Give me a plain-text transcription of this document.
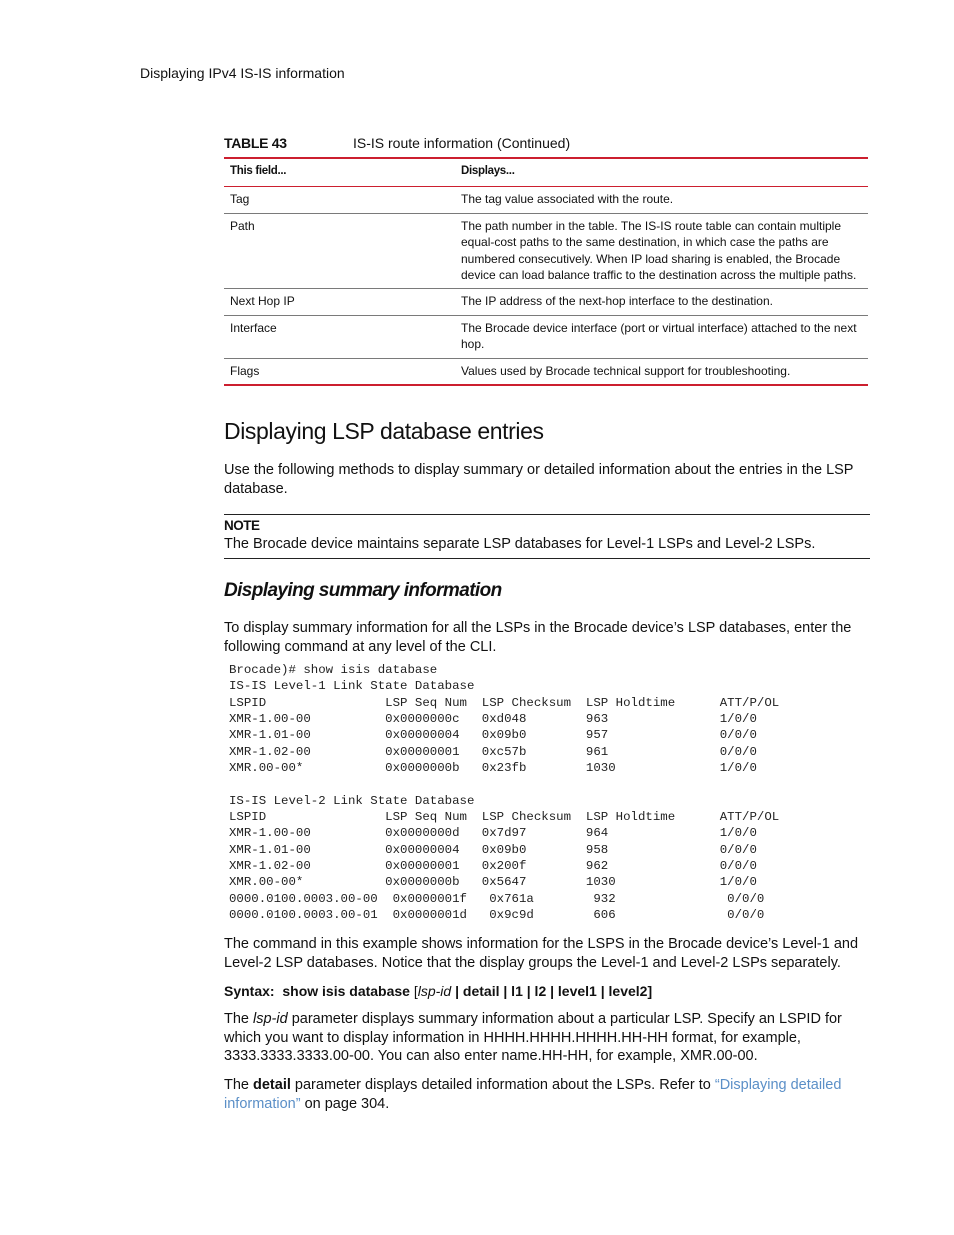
Displaying IPv4 IS-IS information
TABLE 43	IS-IS route information (Continued)
This field...	Displays...
Tag	The tag value associated with the route.
Path	The path number in the table. The IS-IS route table can contain multiple equal-cost paths to the same destination, in which case the paths are numbered consecutively. When IP load sharing is enabled, the Brocade device can load balance traffic to the destination across the multiple paths.
Next Hop IP	The IP address of the next-hop interface to the destination.
Interface	The Brocade device interface (port or virtual interface) attached to the next hop.
Flags	Values used by Brocade technical support for troubleshooting.
Displaying LSP database entries

Use the following methods to display summary or detailed information about the entries in the LSP database.

NOTE
The Brocade device maintains separate LSP databases for Level-1 LSPs and Level-2 LSPs.
Displaying summary information

To display summary information for all the LSPs in the Brocade device’s LSP databases, enter the following command at any level of the CLI.

Brocade)# show isis database
IS-IS Level-1 Link State Database
LSPID                LSP Seq Num  LSP Checksum  LSP Holdtime      ATT/P/OL
XMR-1.00-00          0x0000000c   0xd048        963               1/0/0
XMR-1.01-00          0x00000004   0x09b0        957               0/0/0
XMR-1.02-00          0x00000001   0xc57b        961               0/0/0
XMR.00-00*           0x0000000b   0x23fb        1030              1/0/0

IS-IS Level-2 Link State Database
LSPID                LSP Seq Num  LSP Checksum  LSP Holdtime      ATT/P/OL
XMR-1.00-00          0x0000000d   0x7d97        964               1/0/0
XMR-1.01-00          0x00000004   0x09b0        958               0/0/0
XMR-1.02-00          0x00000001   0x200f        962               0/0/0
XMR.00-00*           0x0000000b   0x5647        1030              1/0/0
0000.0100.0003.00-00  0x0000001f   0x761a        932               0/0/0
0000.0100.0003.00-01  0x0000001d   0x9c9d        606               0/0/0

The command in this example shows information for the LSPS in the Brocade device’s Level-1 and Level-2 LSP databases. Notice that the display groups the Level-1 and Level-2 LSPs separately.

Syntax: show isis database [lsp-id | detail | l1 | l2 | level1 | level2]

The lsp-id parameter displays summary information about a particular LSP. Specify an LSPID for which you want to display information in HHHH.HHHH.HHHH.HH-HH format, for example, 3333.3333.3333.00-00. You can also enter name.HH-HH, for example, XMR.00-00.

The detail parameter displays detailed information about the LSPs. Refer to “Displaying detailed information” on page 304.
